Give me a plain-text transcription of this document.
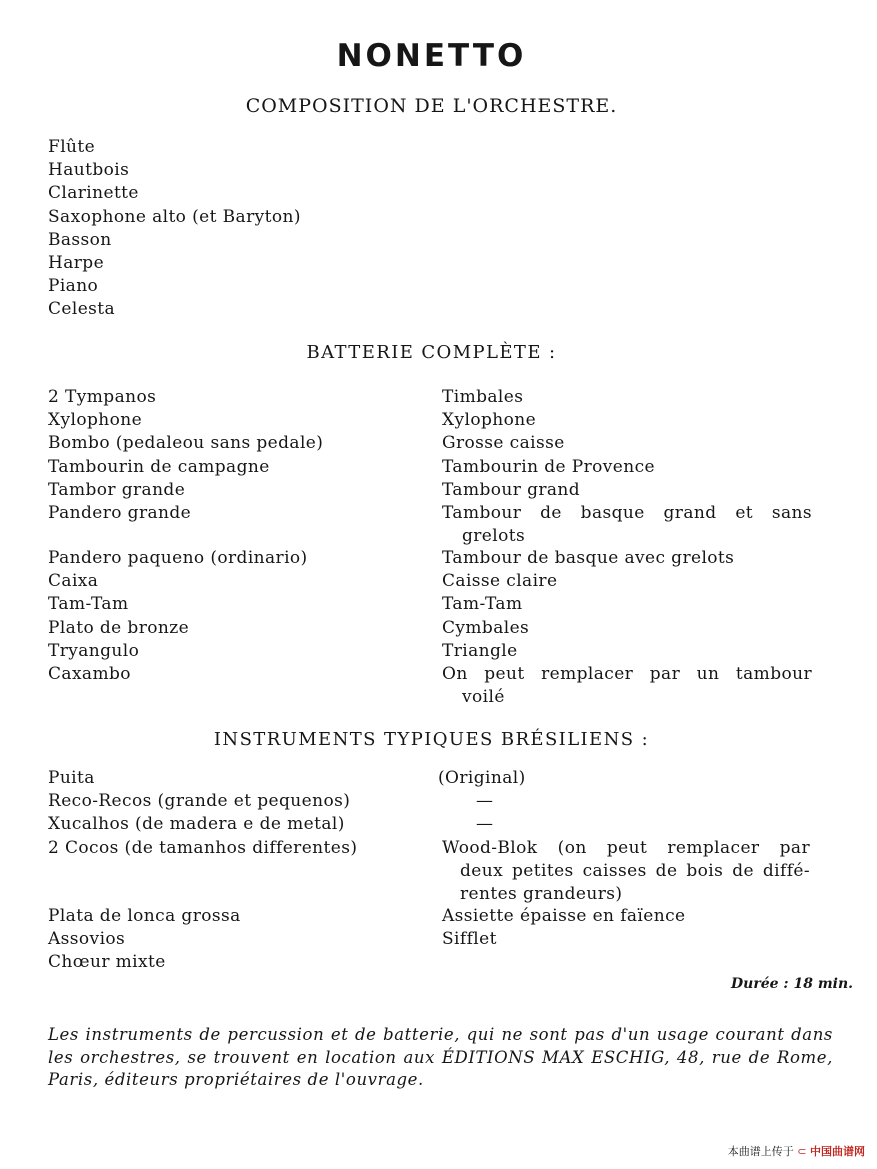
NONETTO
COMPOSITION DE L'ORCHESTRE.
Flûte
Hautbois
Clarinette
Saxophone alto (et Baryton)
Basson
Harpe
Piano
Celesta
BATTERIE COMPLÈTE :
2 Tympanos	Timbales
Xylophone	Xylophone
Bombo (pedaleou sans pedale)	Grosse caisse
Tambourin de campagne	Tambourin de Provence
Tambor grande	Tambour grand
Pandero grande	Tambour de basque grand et sans
grelots
Pandero paqueno (ordinario)	Tambour de basque avec grelots
Caixa	Caisse claire
Tam-Tam	Tam-Tam
Plato de bronze	Cymbales
Tryangulo	Triangle
Caxambo	On peut remplacer par un tambour
voilé
INSTRUMENTS TYPIQUES BRÉSILIENS :
Puita	(Original)
Reco-Recos (grande et pequenos)	—
Xucalhos (de madera e de metal)	—
2 Cocos (de tamanhos differentes)	Wood-Blok (on peut remplacer par
deux petites caisses de bois de diffé-
rentes grandeurs)
Plata de lonca grossa	Assiette épaisse en faïence
Assovios	Sifflet
Chœur mixte
Durée : 18 min.
Les instruments de percussion et de batterie, qui ne sont pas d'un usage courant dans les orchestres, se trouvent en location aux ÉDITIONS MAX ESCHIG, 48, rue de Rome, Paris, éditeurs propriétaires de l'ouvrage.
本曲谱上传于 ⊂ 中国曲谱网
